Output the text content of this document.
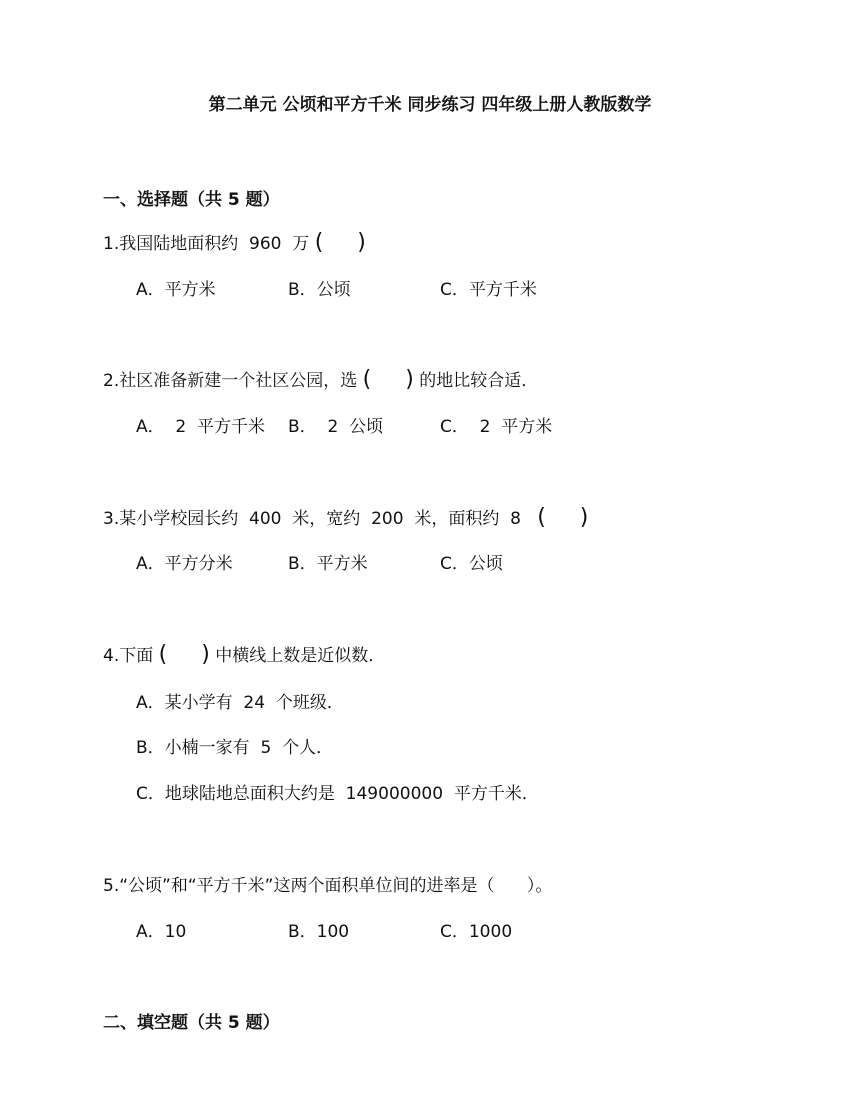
第二单元 公顷和平方千米 同步练习 四年级上册人教版数学
一、选择题（共 5 题）
1.我国陆地面积约  960  万 ( )
A．平方米	B．公顷	C．平方千米
2.社区准备新建一个社区公园，选 ( ) 的地比较合适．
A．  2  平方千米 B．  2  公顷	C．  2  平方米
3.某小学校园长约  400  米，宽约  200  米，面积约  8   ( )
A．平方分米	B．平方米	C．公顷
4.下面 ( ) 中横线上数是近似数．
A．某小学有  24  个班级．
B．小楠一家有  5  个人．
C．地球陆地总面积大约是  149000000  平方千米．
5.“公顷”和“平方千米”这两个面积单位间的进率是（      ）。
A．10	B．100	C．1000
二、填空题（共 5 题）
